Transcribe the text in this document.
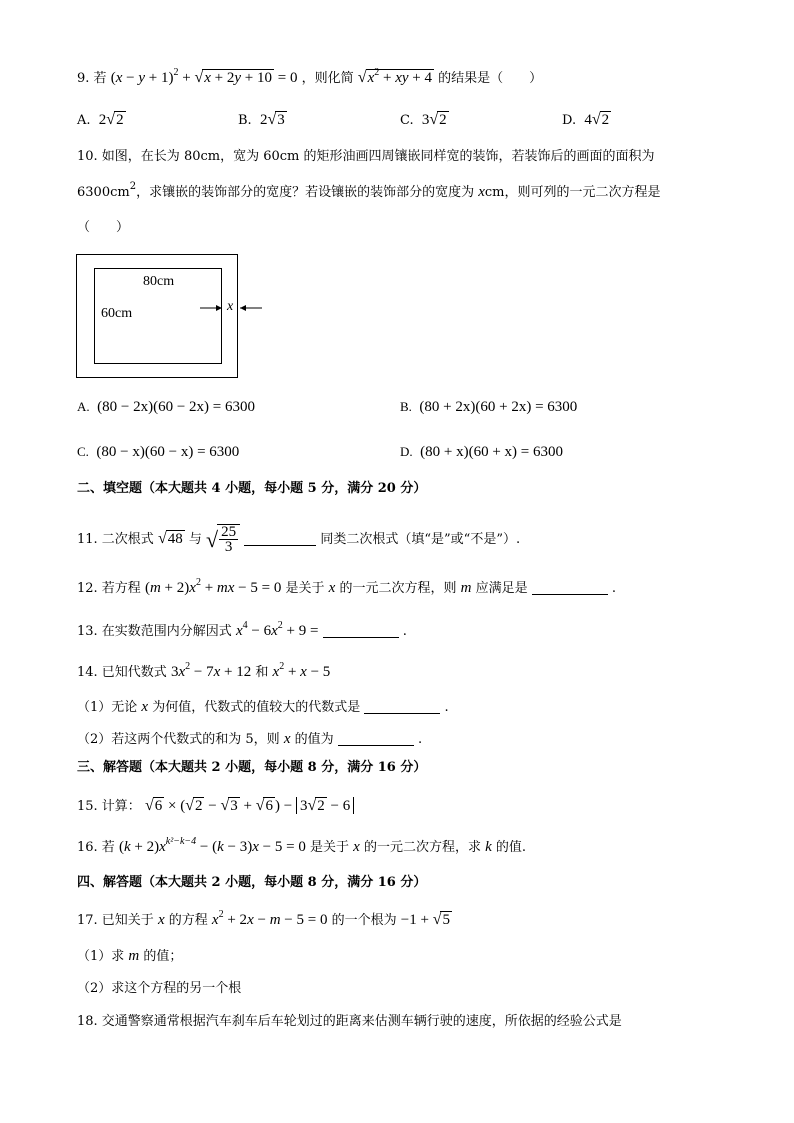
9. 若 $(x - y + 1)^2 + √x + 2y + 10 = 0$ ，则化简 $√x^2$ + xy + 4 的结果是（　　）
A. 2√2	B. 2√3	C. 3√2	D. 4√2
10. 如图，在长为 80cm，宽为 60cm 的矩形油画四周镶嵌同样宽的装饰，若装饰后的画面的面积为
$6300cm^2$，求镶嵌的装饰部分的宽度？若设镶嵌的装饰部分的宽度为 xcm，则可列的一元二次方程是
（　　）
80cm
60cm	x
A. (80 − 2x)(60 − 2x) = 6300	B. (80 + 2x)(60 + 2x) = 6300
C. (80 − x)(60 − x) = 6300	D. (80 + x)(60 + x) = 6300
二、填空题（本大题共 4 小题，每小题 5 分，满分 20 分）
11. 二次根式 √48 与 √ $\frac{25}{3}$	同类二次根式（填“是”或“不是”）.
12. 若方程 $(m + 2)x^2$ + mx − 5 = 0 是关于 x 的一元二次方程，则 m 应满足是	.
13. 在实数范围内分解因式 $x^4 - 6x^2 + 9$ =	.
14. 已知代数式 $3x^2 - 7x + 12$ 和 $x^2 + x - 5$
（1）无论 x 为何值，代数式的值较大的代数式是	.
（2）若这两个代数式的和为 5，则 x 的值为	.
三、解答题（本大题共 2 小题，每小题 8 分，满分 16 分）
15. 计算： √6 × (√2 − √3 + √6 ) − 3√2 − 6
16. 若 $(k + 2)x^{k^2-k-4} - (k - 3)x - 5 = 0$ 是关于 x 的一元二次方程，求 k 的值.
四、解答题（本大题共 2 小题，每小题 8 分，满分 16 分）
17. 已知关于 x 的方程 $x^2 + 2x - m - 5 = 0$ 的一个根为 −1 + √5
（1）求 m 的值；
（2）求这个方程的另一个根
18. 交通警察通常根据汽车刹车后车轮划过的距离来估测车辆行驶的速度，所依据的经验公式是
